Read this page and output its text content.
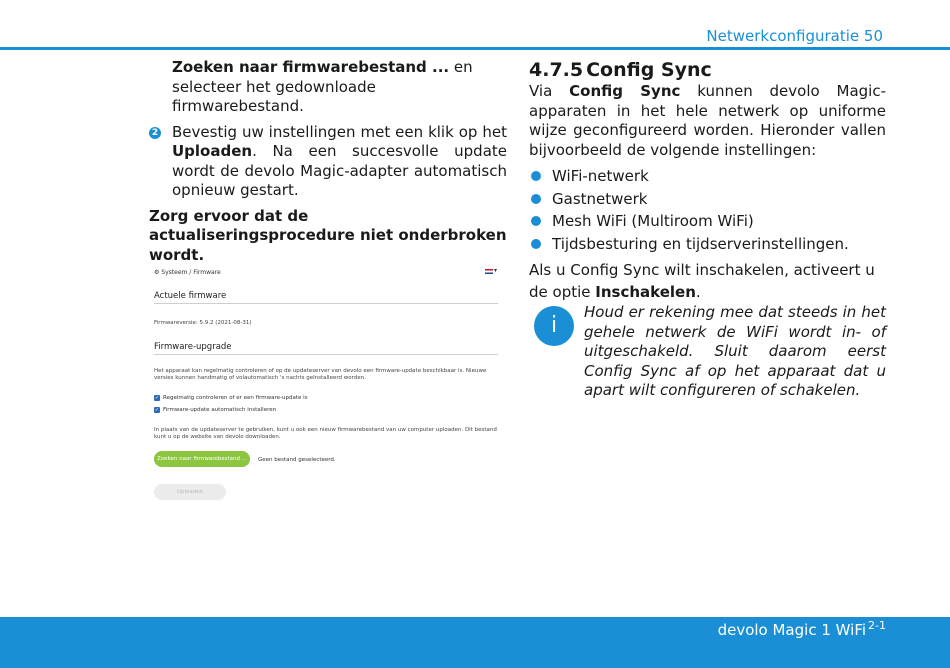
Netwerkconfiguratie 50
Zoeken naar firmwarebestand ... en selecteer het gedownloade firmwarebestand.
2 Bevestig uw instellingen met een klik op het Uploaden. Na een succesvolle update wordt de devolo Magic-adapter automatisch opnieuw gestart.
Zorg ervoor dat de actualiseringsprocedure niet onderbroken wordt.
⚙ Systeem / Firmware	▾
Actuele firmware
Firmwareversie: 5.9.2 (2021-08-31)
Firmware-upgrade
Het apparaat kan regelmatig controleren of op de updateserver van devolo een firmware-update beschikbaar is. Nieuwe versies kunnen handmatig of volautomatisch 's nachts geïnstalleerd worden.
✓ Regelmatig controleren of er een firmware-update is
✓ Firmware-update automatisch installeren
In plaats van de updateserver te gebruiken, kunt u ook een nieuw firmwarebestand van uw computer uploaden. Dit bestand kunt u op de website van devolo downloaden.
Zoeken naar firmwarebestand ...	Geen bestand geselecteerd.
Uploaden
4.7.5 Config Sync
Via Config Sync kunnen devolo Magic-apparaten in het hele netwerk op uniforme wijze geconfigureerd worden. Hieronder vallen bijvoorbeeld de volgende instellingen:
WiFi-netwerk
Gastnetwerk
Mesh WiFi (Multiroom WiFi)
Tijdsbesturing en tijdserverinstellingen.
Als u Config Sync wilt inschakelen, activeert u de optie Inschakelen.
i
Houd er rekening mee dat steeds in het gehele netwerk de WiFi wordt in- of uitgeschakeld. Sluit daarom eerst Config Sync af op het apparaat dat u apart wilt configureren of schakelen.
devolo Magic 1 WiFi $^{2-1}$
